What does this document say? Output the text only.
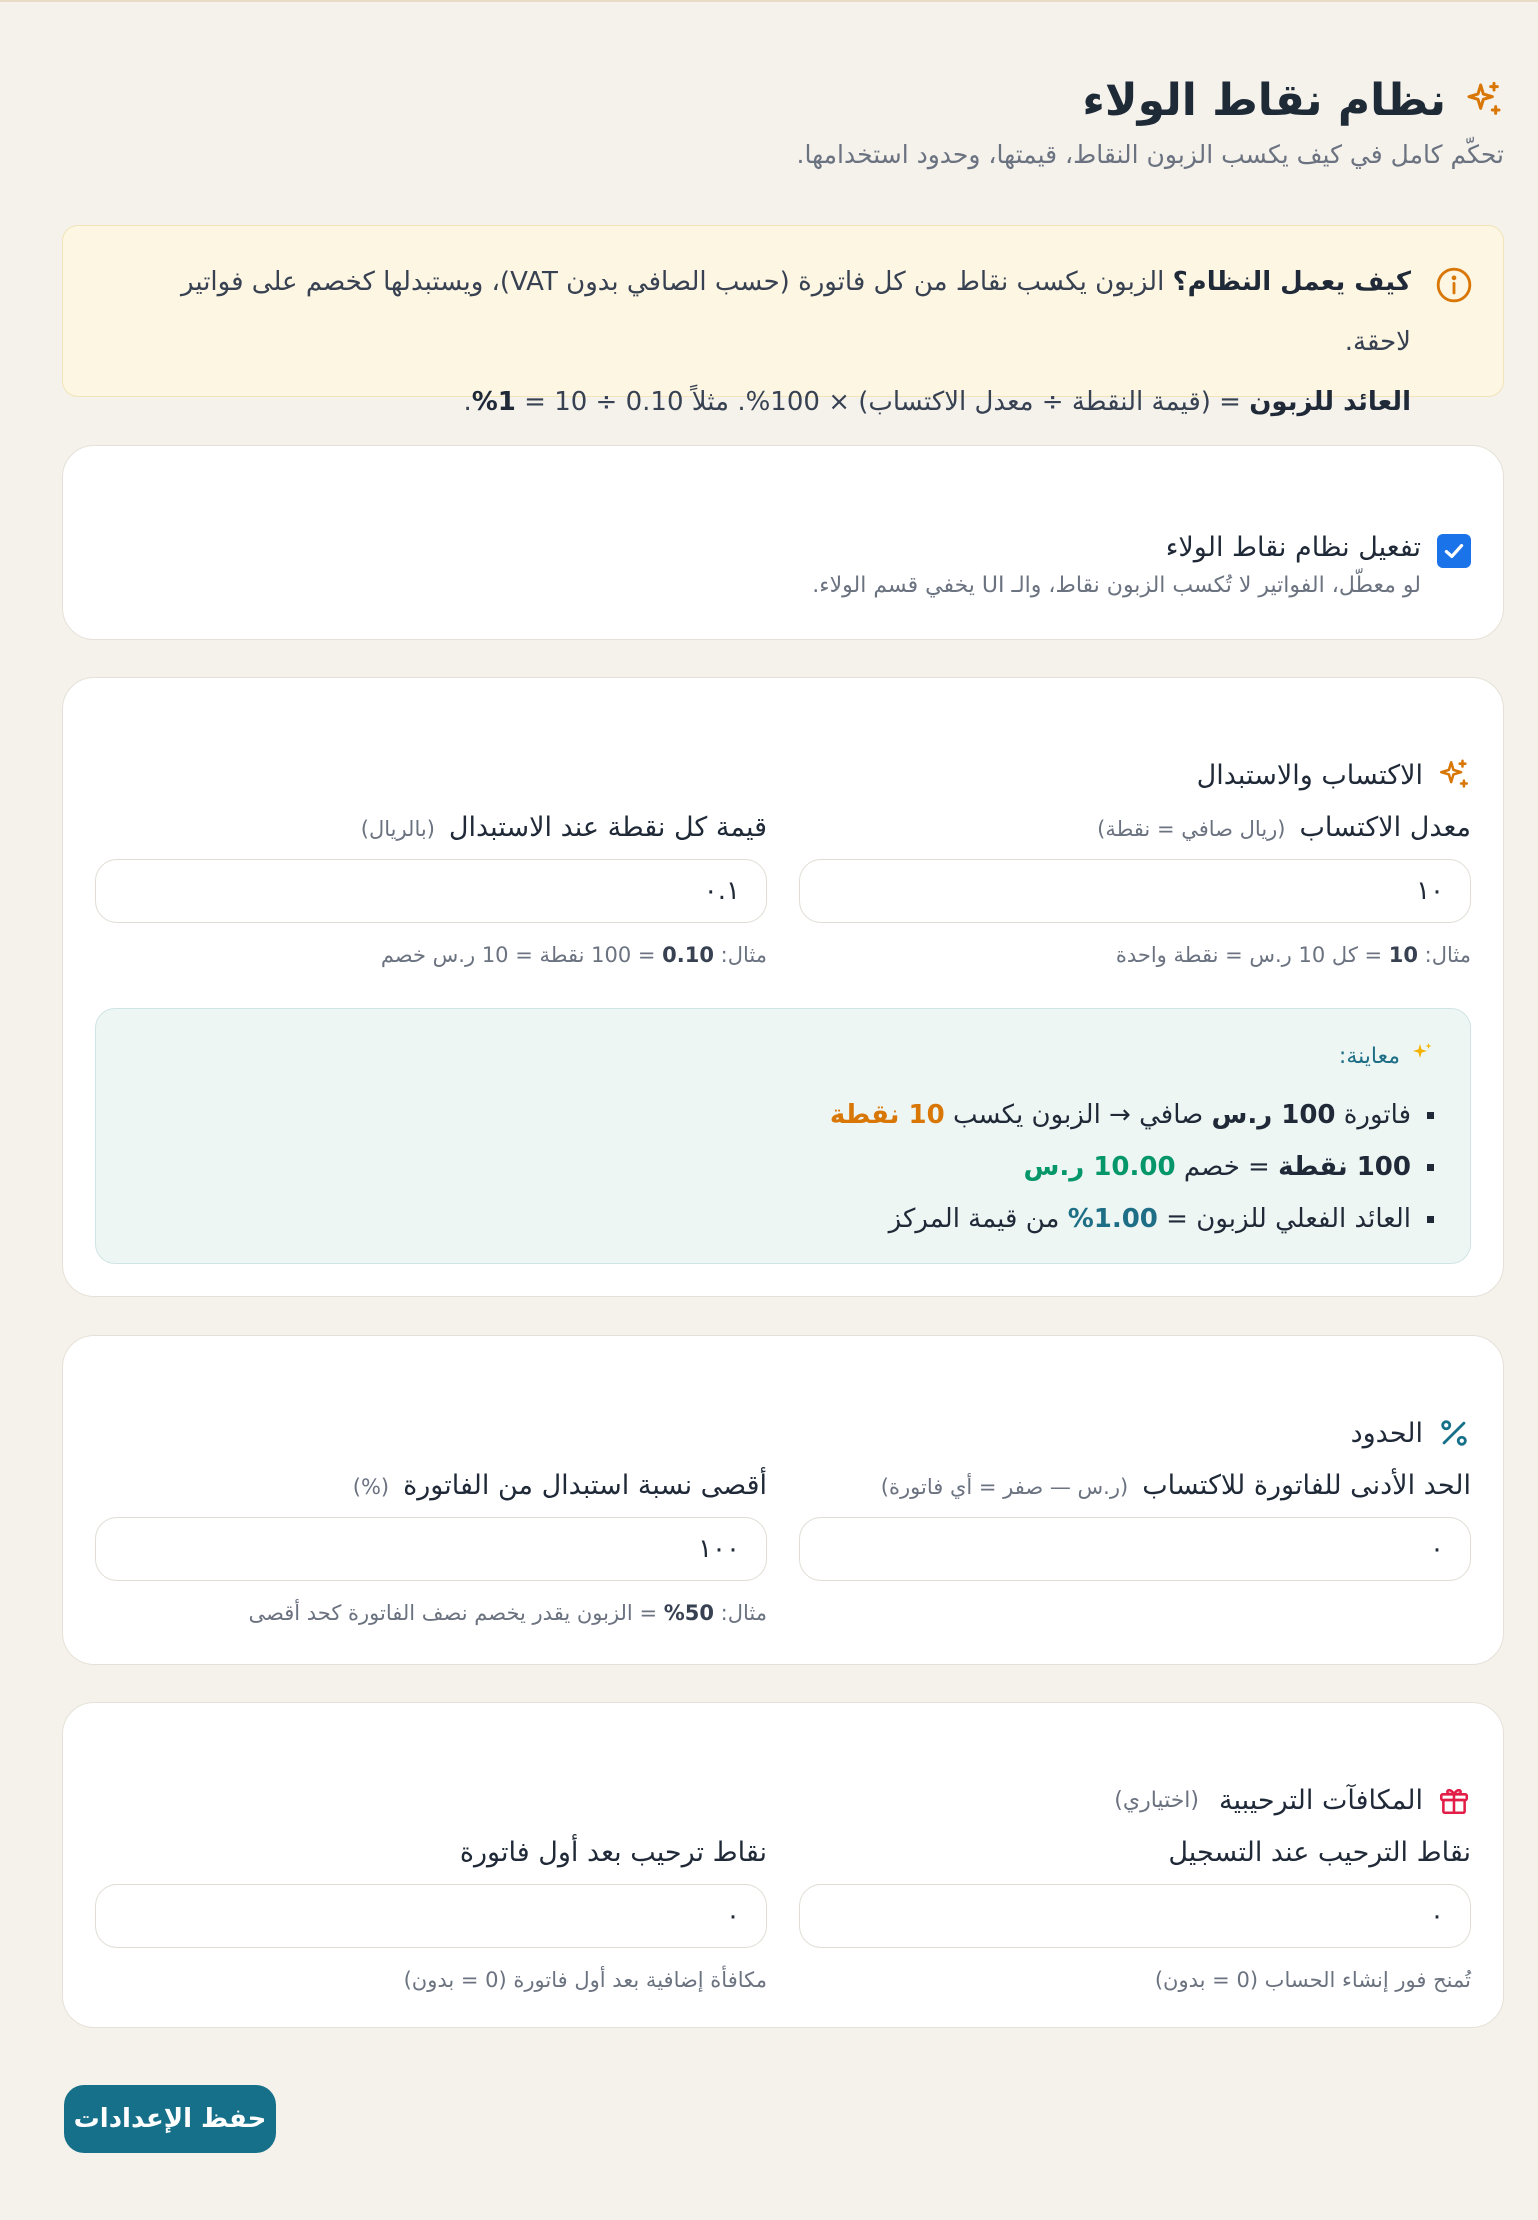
نظام نقاط الولاء

تحكّم كامل في كيف يكسب الزبون النقاط، قيمتها، وحدود استخدامها.

كيف يعمل النظام؟ الزبون يكسب نقاط من كل فاتورة (حسب الصافي بدون VAT)، ويستبدلها كخصم على فواتير لاحقة.
العائد للزبون = (قيمة النقطة ÷ معدل الاكتساب) × 100%. مثلاً 0.10 ÷ 10 = 1%.
تفعيل نظام نقاط الولاء
لو معطّل، الفواتير لا تُكسب الزبون نقاط، والـ UI يخفي قسم الولاء.
الاكتساب والاستبدال
معدل الاكتساب
(ريال صافي = نقطة)
١٠
مثال: 10 = كل 10 ر.س = نقطة واحدة
قيمة كل نقطة عند الاستبدال
(بالريال)
٠.١
مثال: 0.10 = 100 نقطة = 10 ر.س خصم
معاينة:
فاتورة 100 ر.س صافي → الزبون يكسب 10 نقطة
100 نقطة = خصم 10.00 ر.س
العائد الفعلي للزبون = 1.00% من قيمة المركز
الحدود
الحد الأدنى للفاتورة للاكتساب
(ر.س — صفر = أي فاتورة)
٠
أقصى نسبة استبدال من الفاتورة
(%)
١٠٠
مثال: 50% = الزبون يقدر يخصم نصف الفاتورة كحد أقصى
المكافآت الترحيبية
(اختياري)
نقاط الترحيب عند التسجيل
٠
تُمنح فور إنشاء الحساب (0 = بدون)
نقاط ترحيب بعد أول فاتورة
٠
مكافأة إضافية بعد أول فاتورة (0 = بدون)
حفظ الإعدادات
